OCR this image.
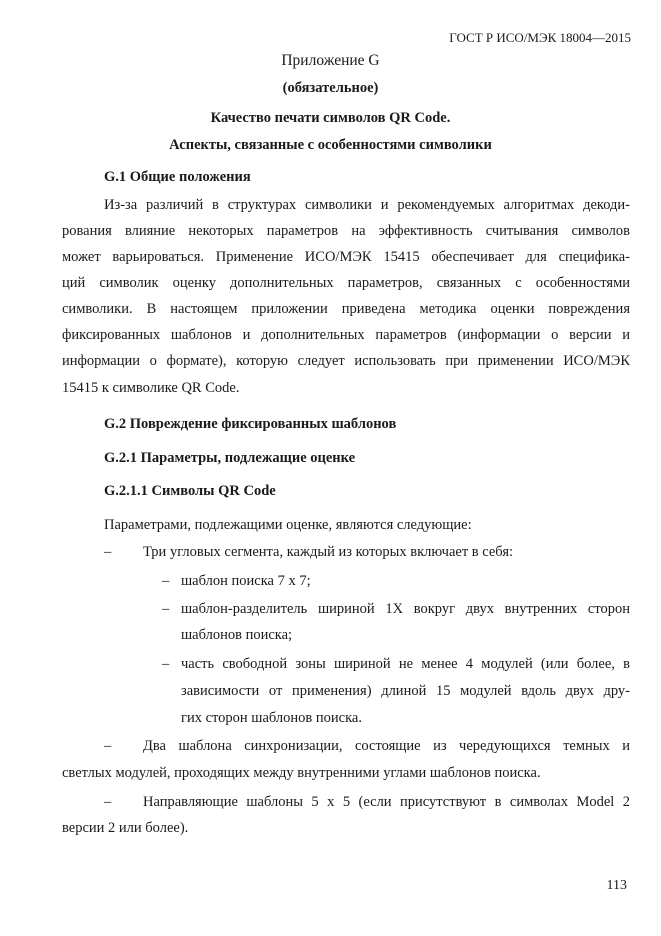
ГОСТ Р ИСО/МЭК 18004—2015
Приложение G
(обязательное)
Качество печати символов QR Code.
Аспекты, связанные с особенностями символики
G.1 Общие положения
Из-за различий в структурах символики и рекомендуемых алгоритмах декоди-
рования влияние некоторых параметров на эффективность считывания символов
может варьироваться. Применение ИСО/МЭК 15415 обеспечивает для специфика-
ций символик оценку дополнительных параметров, связанных с особенностями
символики. В настоящем приложении приведена методика оценки повреждения
фиксированных шаблонов и дополнительных параметров (информации о версии и
информации о формате), которую следует использовать при применении ИСО/МЭК
15415 к символике QR Code.
G.2 Повреждение фиксированных шаблонов
G.2.1 Параметры, подлежащие оценке
G.2.1.1 Символы QR Code
Параметрами, подлежащими оценке, являются следующие:
– Три угловых сегмента, каждый из которых включает в себя:
– шаблон поиска 7 х 7;
– шаблон-разделитель шириной 1X вокруг двух внутренних сторон
шаблонов поиска;
– часть свободной зоны шириной не менее 4 модулей (или более, в
зависимости от применения) длиной 15 модулей вдоль двух дру-
гих сторон шаблонов поиска.
– Два шаблона синхронизации, состоящие из чередующихся темных и
светлых модулей, проходящих между внутренними углами шаблонов поиска.
– Направляющие шаблоны 5 х 5 (если присутствуют в символах Model 2
версии 2 или более).
113
